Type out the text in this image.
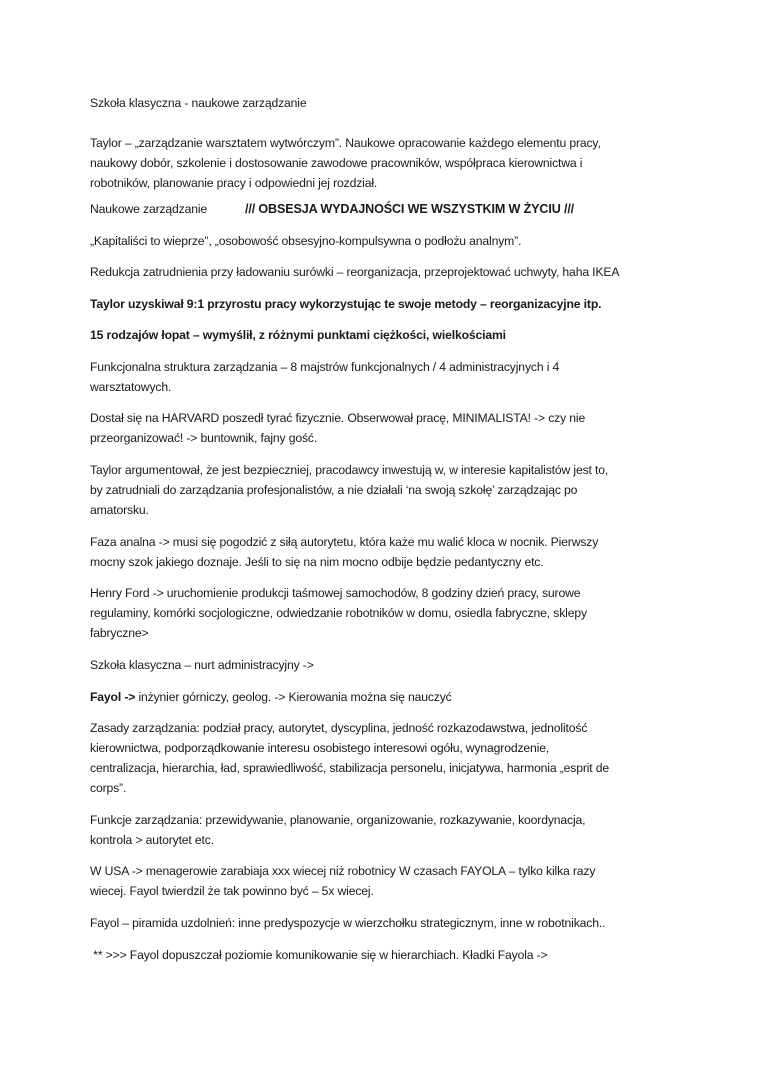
Szkoła klasyczna - naukowe zarządzanie
Taylor – „zarządzanie warsztatem wytwórczym”. Naukowe opracowanie każdego elementu pracy,
naukowy dobór, szkolenie i dostosowanie zawodowe pracowników, współpraca kierownictwa i
robotników, planowanie pracy i odpowiedni jej rozdział.
Naukowe zarządzanie	/// OBSESJA WYDAJNOŚCI WE WSZYSTKIM W ŻYCIU ///
„Kapitaliści to wieprze”, „osobowość obsesyjno-kompulsywna o podłożu analnym”.
Redukcja zatrudnienia przy ładowaniu surówki – reorganizacja, przeprojektować uchwyty, haha IKEA
Taylor uzyskiwał 9:1 przyrostu pracy wykorzystując te swoje metody – reorganizacyjne itp.
15 rodzajów łopat – wymyślił, z różnymi punktami ciężkości, wielkościami
Funkcjonalna struktura zarządzania – 8 majstrów funkcjonalnych / 4 administracyjnych i 4
warsztatowych.
Dostał się na HARVARD poszedł tyrać fizycznie. Obserwował pracę, MINIMALISTA! -> czy nie
przeorganizować! -> buntownik, fajny gość.
Taylor argumentował, że jest bezpieczniej, pracodawcy inwestują w, w interesie kapitalistów jest to,
by zatrudniali do zarządzania profesjonalistów, a nie działali ‘na swoją szkołę’ zarządzając po
amatorsku.
Faza analna -> musi się pogodzić z siłą autorytetu, która każe mu walić kloca w nocnik. Pierwszy
mocny szok jakiego doznaje. Jeśli to się na nim mocno odbije będzie pedantyczny etc.
Henry Ford -> uruchomienie produkcji taśmowej samochodów, 8 godziny dzień pracy, surowe
regulaminy, komórki socjologiczne, odwiedzanie robotników w domu, osiedla fabryczne, sklepy
fabryczne>
Szkoła klasyczna – nurt administracyjny ->
Fayol -> inżynier górniczy, geolog. -> Kierowania można się nauczyć
Zasady zarządzania: podział pracy, autorytet, dyscyplina, jedność rozkazodawstwa, jednolitość
kierownictwa, podporządkowanie interesu osobistego interesowi ogółu, wynagrodzenie,
centralizacja, hierarchia, ład, sprawiedliwość, stabilizacja personelu, inicjatywa, harmonia „esprit de
corps”.
Funkcje zarządzania: przewidywanie, planowanie, organizowanie, rozkazywanie, koordynacja,
kontrola > autorytet etc.
W USA -> menagerowie zarabiaja xxx wiecej niż robotnicy W czasach FAYOLA – tylko kilka razy
wiecej. Fayol twierdzil że tak powinno być – 5x wiecej.
Fayol – piramida uzdolnień: inne predyspozycje w wierzchołku strategicznym, inne w robotnikach..
** >>> Fayol dopuszczał poziomie komunikowanie się w hierarchiach. Kładki Fayola ->
